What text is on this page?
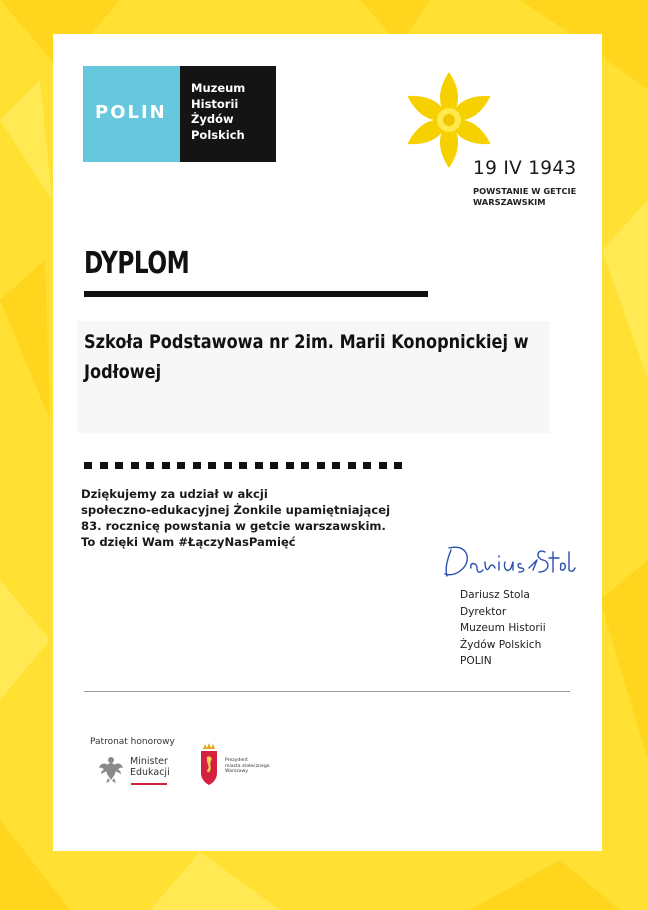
POLIN
Muzeum
Historii
Żydów
Polskich
19 IV 1943
POWSTANIE W GETCIE
WARSZAWSKIM
DYPLOM
Szkoła Podstawowa nr 2im. Marii Konopnickiej w
Jodłowej
Dziękujemy za udział w akcji
społeczno-edukacyjnej Żonkile upamiętniającej
83. rocznicę powstania w getcie warszawskim.
To dzięki Wam #ŁączyNasPamięć
Dariusz Stola
Dyrektor
Muzeum Historii
Żydów Polskich
POLIN
Patronat honorowy
Minister
Edukacji
Prezydent
miasta stołecznego
Warszawy
